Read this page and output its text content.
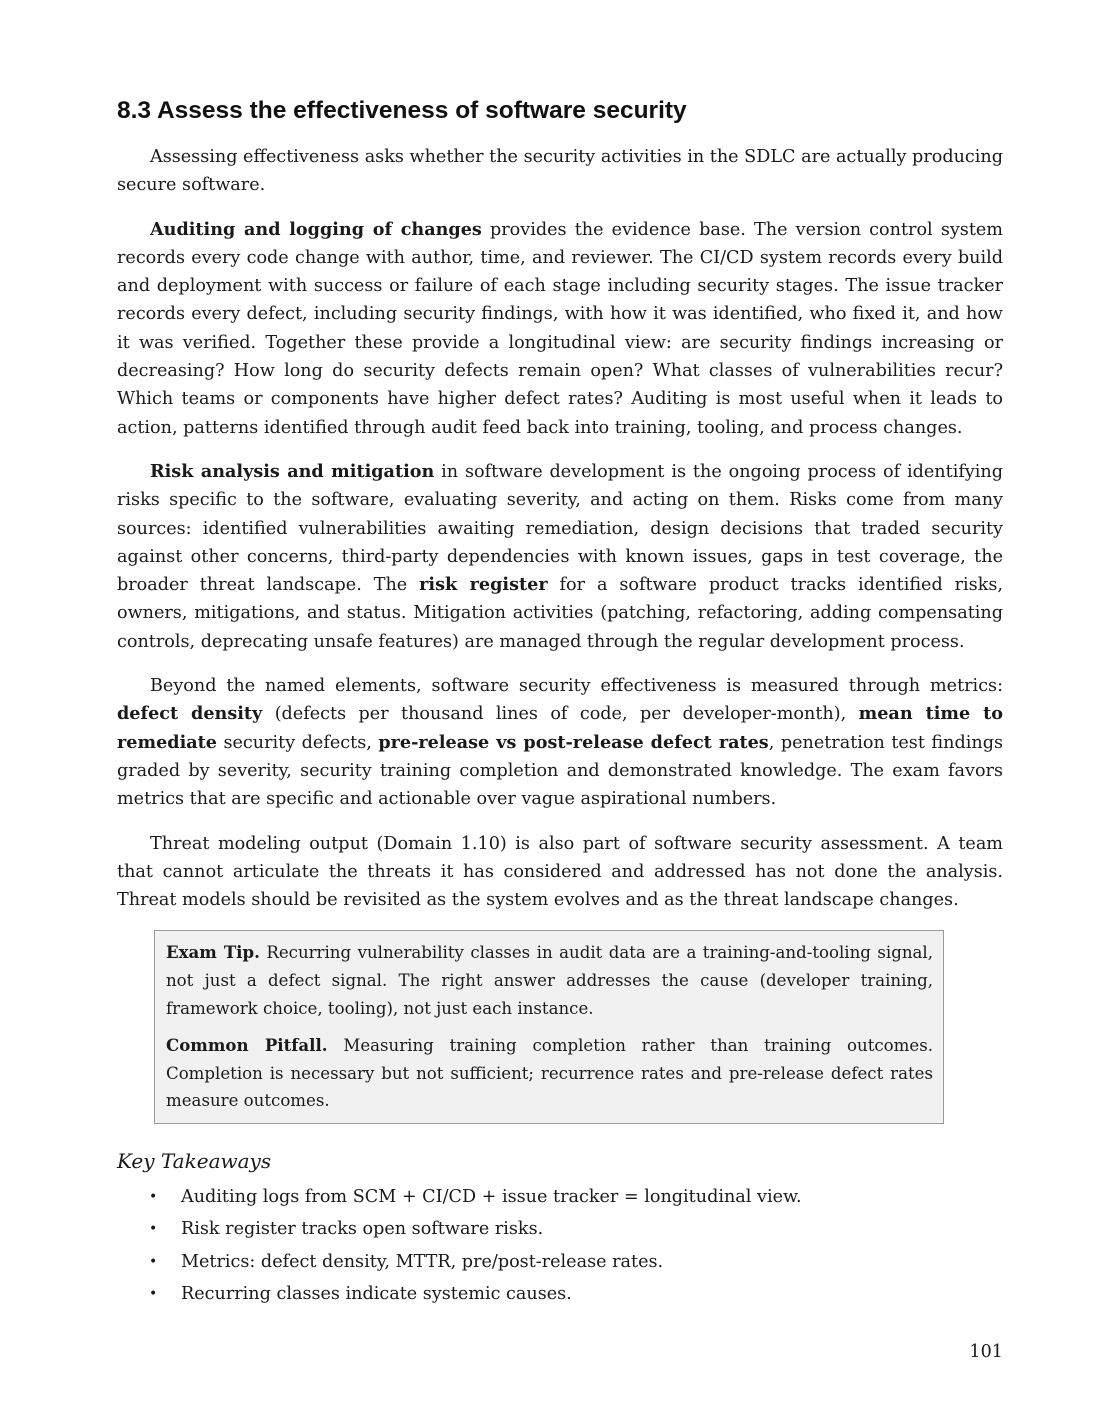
8.3 Assess the effectiveness of software security

Assessing effectiveness asks whether the security activities in the SDLC are actually producing secure software.

Auditing and logging of changes provides the evidence base. The version control system records every code change with author, time, and reviewer. The CI/CD system records every build and deployment with success or failure of each stage including security stages. The issue tracker records every defect, including security findings, with how it was identified, who fixed it, and how it was verified. Together these provide a longitudinal view: are security findings increasing or decreasing? How long do security defects remain open? What classes of vulnerabilities recur? Which teams or components have higher defect rates? Auditing is most useful when it leads to action, patterns identified through audit feed back into training, tooling, and process changes.

Risk analysis and mitigation in software development is the ongoing process of identifying risks specific to the software, evaluating severity, and acting on them. Risks come from many sources: identified vulnerabilities awaiting remediation, design decisions that traded security against other concerns, third-party dependencies with known issues, gaps in test coverage, the broader threat landscape. The risk register for a software product tracks identified risks, owners, mitigations, and status. Mitigation activities (patching, refactoring, adding compensating controls, deprecating unsafe features) are managed through the regular development process.

Beyond the named elements, software security effectiveness is measured through metrics: defect density (defects per thousand lines of code, per developer-month), mean time to remediate security defects, pre-release vs post-release defect rates, penetration test findings graded by severity, security training completion and demonstrated knowledge. The exam favors metrics that are specific and actionable over vague aspirational numbers.

Threat modeling output (Domain 1.10) is also part of software security assessment. A team that cannot articulate the threats it has considered and addressed has not done the analysis. Threat models should be revisited as the system evolves and as the threat landscape changes.

Exam Tip. Recurring vulnerability classes in audit data are a training-and-tooling signal, not just a defect signal. The right answer addresses the cause (developer training, framework choice, tooling), not just each instance.

Common Pitfall. Measuring training completion rather than training outcomes. Completion is necessary but not sufficient; recurrence rates and pre-release defect rates measure outcomes.

Key Takeaways
• Auditing logs from SCM + CI/CD + issue tracker = longitudinal view.
• Risk register tracks open software risks.
• Metrics: defect density, MTTR, pre/post-release rates.
• Recurring classes indicate systemic causes.
101
